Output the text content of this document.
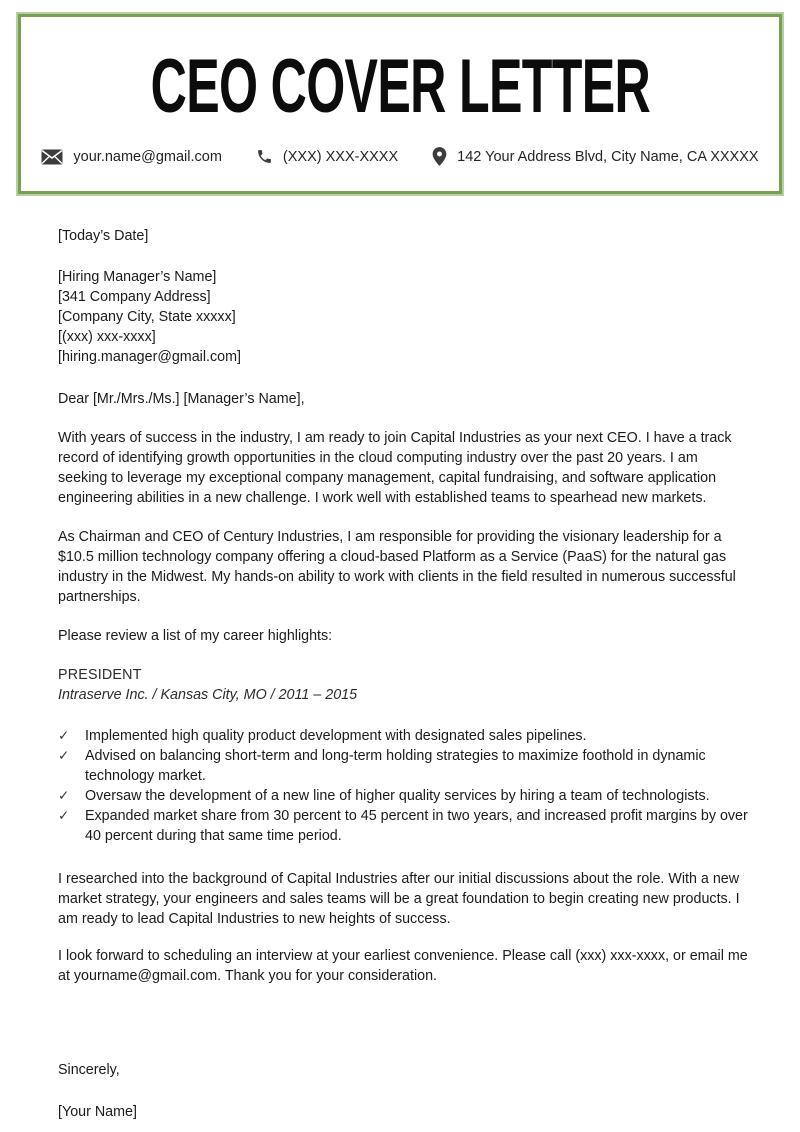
CEO COVER LETTER
your.name@gmail.com	(XXX) XXX-XXXX	142 Your Address Blvd, City Name, CA XXXXX
[Today’s Date]
[Hiring Manager’s Name]
[341 Company Address]
[Company City, State xxxxx]
[(xxx) xxx-xxxx]
[hiring.manager@gmail.com]
Dear [Mr./Mrs./Ms.] [Manager’s Name],
With years of success in the industry, I am ready to join Capital Industries as your next CEO. I have a track record of identifying growth opportunities in the cloud computing industry over the past 20 years. I am seeking to leverage my exceptional company management, capital fundraising, and software application engineering abilities in a new challenge. I work well with established teams to spearhead new markets.
As Chairman and CEO of Century Industries, I am responsible for providing the visionary leadership for a $10.5 million technology company offering a cloud-based Platform as a Service (PaaS) for the natural gas industry in the Midwest. My hands-on ability to work with clients in the field resulted in numerous successful partnerships.
Please review a list of my career highlights:
PRESIDENT
Intraserve Inc. / Kansas City, MO / 2011 – 2015
✓ Implemented high quality product development with designated sales pipelines.
✓ Advised on balancing short-term and long-term holding strategies to maximize foothold in dynamic technology market.
✓ Oversaw the development of a new line of higher quality services by hiring a team of technologists.
✓ Expanded market share from 30 percent to 45 percent in two years, and increased profit margins by over 40 percent during that same time period.
I researched into the background of Capital Industries after our initial discussions about the role. With a new market strategy, your engineers and sales teams will be a great foundation to begin creating new products. I am ready to lead Capital Industries to new heights of success.
I look forward to scheduling an interview at your earliest convenience. Please call (xxx) xxx-xxxx, or email me at yourname@gmail.com. Thank you for your consideration.
Sincerely,
[Your Name]
